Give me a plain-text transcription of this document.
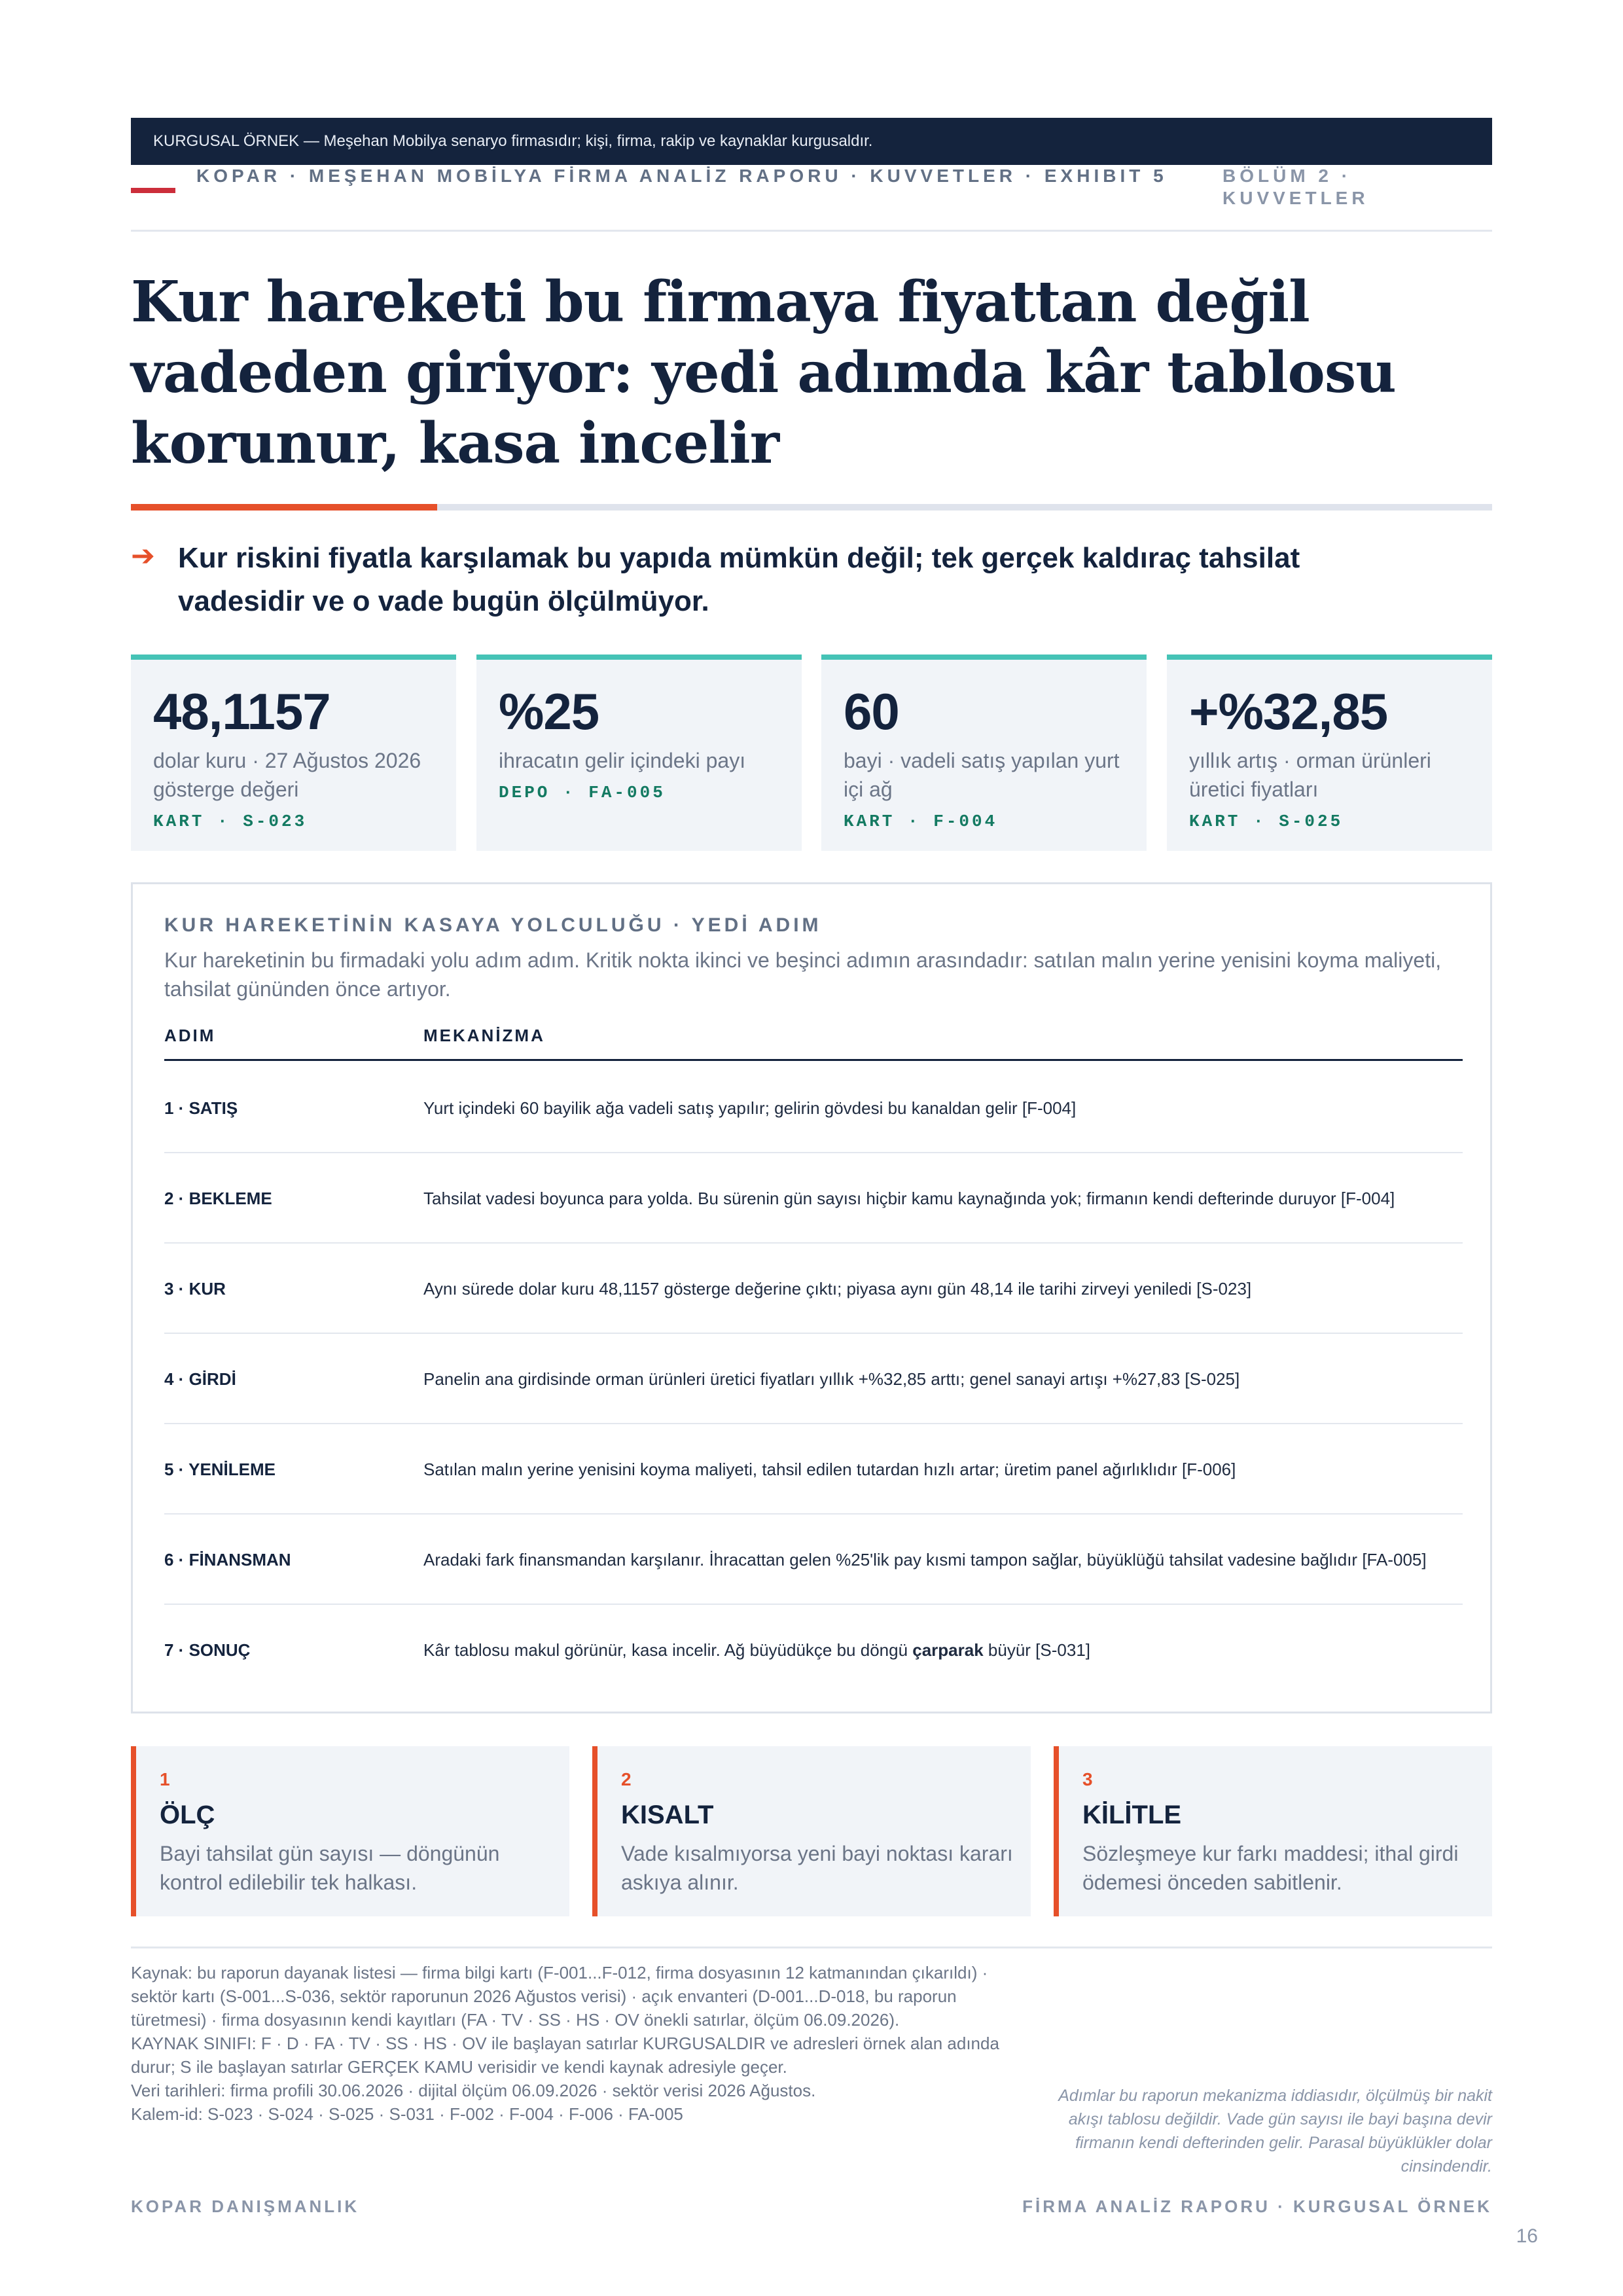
KURGUSAL ÖRNEK — Meşehan Mobilya senaryo firmasıdır; kişi, firma, rakip ve kaynaklar kurgusaldır.
KOPAR · MEŞEHAN MOBİLYA FİRMA ANALİZ RAPORU · KUVVETLER · EXHIBIT 5	BÖLÜM 2 · KUVVETLER
Kur hareketi bu firmaya fiyattan değil vadeden giriyor: yedi adımda kâr tablosu korunur, kasa incelir
➔ Kur riskini fiyatla karşılamak bu yapıda mümkün değil; tek gerçek kaldıraç tahsilat vadesidir ve o vade bugün ölçülmüyor.

48,1157
dolar kuru · 27 Ağustos 2026 gösterge değeri
KART · S-023
%25
ihracatın gelir içindeki payı
DEPO · FA-005
60
bayi · vadeli satış yapılan yurt içi ağ
KART · F-004
+%32,85
yıllık artış · orman ürünleri üretici fiyatları
KART · S-025
KUR HAREKETİNİN KASAYA YOLCULUĞU · YEDİ ADIM
Kur hareketinin bu firmadaki yolu adım adım. Kritik nokta ikinci ve beşinci adımın arasındadır: satılan malın yerine yenisini koyma maliyeti, tahsilat gününden önce artıyor.
ADIM	MEKANİZMA
1 · SATIŞ	Yurt içindeki 60 bayilik ağa vadeli satış yapılır; gelirin gövdesi bu kanaldan gelir [F-004]
2 · BEKLEME	Tahsilat vadesi boyunca para yolda. Bu sürenin gün sayısı hiçbir kamu kaynağında yok; firmanın kendi defterinde duruyor [F-004]
3 · KUR	Aynı sürede dolar kuru 48,1157 gösterge değerine çıktı; piyasa aynı gün 48,14 ile tarihi zirveyi yeniledi [S-023]
4 · GİRDİ	Panelin ana girdisinde orman ürünleri üretici fiyatları yıllık +%32,85 arttı; genel sanayi artışı +%27,83 [S-025]
5 · YENİLEME	Satılan malın yerine yenisini koyma maliyeti, tahsil edilen tutardan hızlı artar; üretim panel ağırlıklıdır [F-006]
6 · FİNANSMAN	Aradaki fark finansmandan karşılanır. İhracattan gelen %25'lik pay kısmi tampon sağlar, büyüklüğü tahsilat vadesine bağlıdır [FA-005]
7 · SONUÇ	Kâr tablosu makul görünür, kasa incelir. Ağ büyüdükçe bu döngü çarparak büyür [S-031]
1
ÖLÇ
Bayi tahsilat gün sayısı — döngünün kontrol edilebilir tek halkası.
2
KISALT
Vade kısalmıyorsa yeni bayi noktası kararı askıya alınır.
3
KİLİTLE
Sözleşmeye kur farkı maddesi; ithal girdi ödemesi önceden sabitlenir.

Kaynak: bu raporun dayanak listesi — firma bilgi kartı (F-001...F-012, firma dosyasının 12 katmanından çıkarıldı) · sektör kartı (S-001...S-036, sektör raporunun 2026 Ağustos verisi) · açık envanteri (D-001...D-018, bu raporun türetmesi) · firma dosyasının kendi kayıtları (FA · TV · SS · HS · OV önekli satırlar, ölçüm 06.09.2026).

KAYNAK SINIFI: F · D · FA · TV · SS · HS · OV ile başlayan satırlar KURGUSALDIR ve adresleri örnek alan adında durur; S ile başlayan satırlar GERÇEK KAMU verisidir ve kendi kaynak adresiyle geçer.

Veri tarihleri: firma profili 30.06.2026 · dijital ölçüm 06.09.2026 · sektör verisi 2026 Ağustos.

Kalem-id: S-023 · S-024 · S-025 · S-031 · F-002 · F-004 · F-006 · FA-005

Adımlar bu raporun mekanizma iddiasıdır, ölçülmüş bir nakit akışı tablosu değildir. Vade gün sayısı ile bayi başına devir firmanın kendi defterinden gelir. Parasal büyüklükler dolar cinsindendir.

KOPAR DANIŞMANLIK	FİRMA ANALİZ RAPORU · KURGUSAL ÖRNEK
16
